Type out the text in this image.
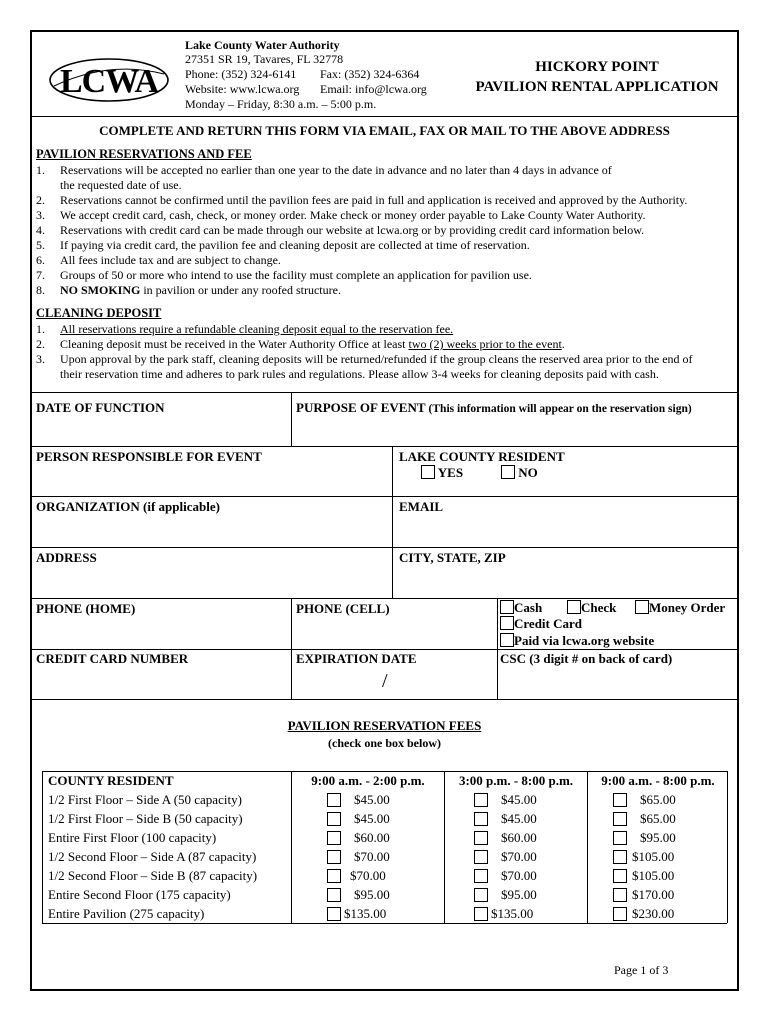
LCWA
Lake County Water Authority
27351 SR 19, Tavares, FL 32778
Phone: (352) 324-6141 Fax: (352) 324-6364
Website: www.lcwa.org Email: info@lcwa.org
Monday – Friday, 8:30 a.m. – 5:00 p.m.
HICKORY POINT
PAVILION RENTAL APPLICATION
COMPLETE AND RETURN THIS FORM VIA EMAIL, FAX OR MAIL TO THE ABOVE ADDRESS
PAVILION RESERVATIONS AND FEE
1. Reservations will be accepted no earlier than one year to the date in advance and no later than 4 days in advance of
the requested date of use.
2. Reservations cannot be confirmed until the pavilion fees are paid in full and application is received and approved by the Authority.
3. We accept credit card, cash, check, or money order. Make check or money order payable to Lake County Water Authority.
4. Reservations with credit card can be made through our website at lcwa.org or by providing credit card information below.
5. If paying via credit card, the pavilion fee and cleaning deposit are collected at time of reservation.
6. All fees include tax and are subject to change.
7. Groups of 50 or more who intend to use the facility must complete an application for pavilion use.
8. NO SMOKING in pavilion or under any roofed structure.
CLEANING DEPOSIT
1. All reservations require a refundable cleaning deposit equal to the reservation fee.
2. Cleaning deposit must be received in the Water Authority Office at least two (2) weeks prior to the event.
3. Upon approval by the park staff, cleaning deposits will be returned/refunded if the group cleans the reserved area prior to the end of
their reservation time and adheres to park rules and regulations. Please allow 3-4 weeks for cleaning deposits paid with cash.
DATE OF FUNCTION	PURPOSE OF EVENT (This information will appear on the reservation sign)
PERSON RESPONSIBLE FOR EVENT	LAKE COUNTY RESIDENT
YES	NO
ORGANIZATION (if applicable)	EMAIL
ADDRESS	CITY, STATE, ZIP
PHONE (HOME)	PHONE (CELL)	Cash	Check	Money Order
Credit Card
Paid via lcwa.org website
CREDIT CARD NUMBER	EXPIRATION DATE
/
CSC (3 digit # on back of card)
PAVILION RESERVATION FEES
(check one box below)
COUNTY RESIDENT	9:00 a.m. - 2:00 p.m.	3:00 p.m. - 8:00 p.m.	9:00 a.m. - 8:00 p.m.
1/2 First Floor – Side A (50 capacity)	$45.00	$45.00	$65.00
1/2 First Floor – Side B (50 capacity)	$45.00	$45.00	$65.00
Entire First Floor (100 capacity)	$60.00	$60.00	$95.00
1/2 Second Floor – Side A (87 capacity)	$70.00	$70.00	$105.00
1/2 Second Floor – Side B (87 capacity)	$70.00	$70.00	$105.00
Entire Second Floor (175 capacity)	$95.00	$95.00	$170.00
Entire Pavilion (275 capacity)	$135.00	$135.00	$230.00
Page 1 of 3
